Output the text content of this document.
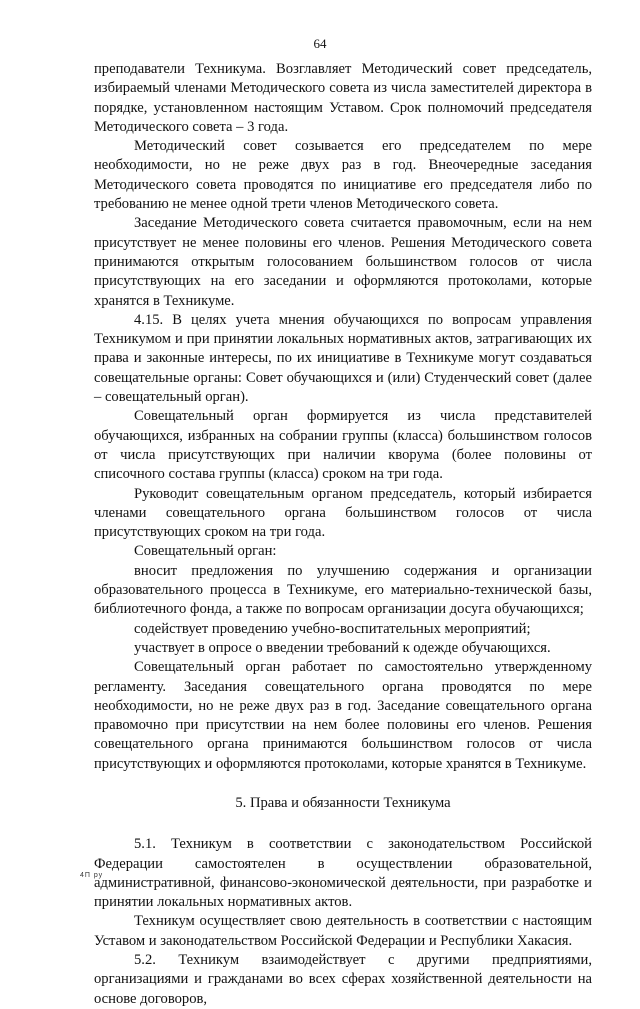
64

преподаватели Техникума. Возглавляет Методический совет председатель, избираемый членами Методического совета из числа заместителей директора в порядке, установленном настоящим Уставом. Срок полномочий председателя Методического совета – 3 года.

Методический совет созывается его председателем по мере необходимости, но не реже двух раз в год. Внеочередные заседания Методического совета проводятся по инициативе его председателя либо по требованию не менее одной трети членов Методического совета.

Заседание Методического совета считается правомочным, если на нем присутствует не менее половины его членов. Решения Методического совета принимаются открытым голосованием большинством голосов от числа присутствующих на его заседании и оформляются протоколами, которые хранятся в Техникуме.

4.15. В целях учета мнения обучающихся по вопросам управления Техникумом и при принятии локальных нормативных актов, затрагивающих их права и законные интересы, по их инициативе в Техникуме могут создаваться совещательные органы: Совет обучающихся и (или) Студенческий совет (далее – совещательный орган).

Совещательный орган формируется из числа представителей обучающихся, избранных на собрании группы (класса) большинством голосов от числа присутствующих при наличии кворума (более половины от списочного состава группы (класса) сроком на три года.

Руководит совещательным органом председатель, который избирается членами совещательного органа большинством голосов от числа присутствующих сроком на три года.

Совещательный орган:

вносит предложения по улучшению содержания и организации образовательного процесса в Техникуме, его материально-технической базы, библиотечного фонда, а также по вопросам организации досуга обучающихся;

содействует проведению учебно-воспитательных мероприятий;

участвует в опросе о введении требований к одежде обучающихся.

Совещательный орган работает по самостоятельно утвержденному регламенту. Заседания совещательного органа проводятся по мере необходимости, но не реже двух раз в год. Заседание совещательного органа правомочно при присутствии на нем более половины его членов. Решения совещательного органа принимаются большинством голосов от числа присутствующих и оформляются протоколами, которые хранятся в Техникуме.

5. Права и обязанности Техникума

5.1. Техникум в соответствии с законодательством Российской Федерации самостоятелен в осуществлении образовательной, административной, финансово-экономической деятельности, при разработке и принятии локальных нормативных актов.

Техникум осуществляет свою деятельность в соответствии с настоящим Уставом и законодательством Российской Федерации и Республики Хакасия.

5.2. Техникум взаимодействует с другими предприятиями, организациями и гражданами во всех сферах хозяйственной деятельности на основе договоров,

4П ру
